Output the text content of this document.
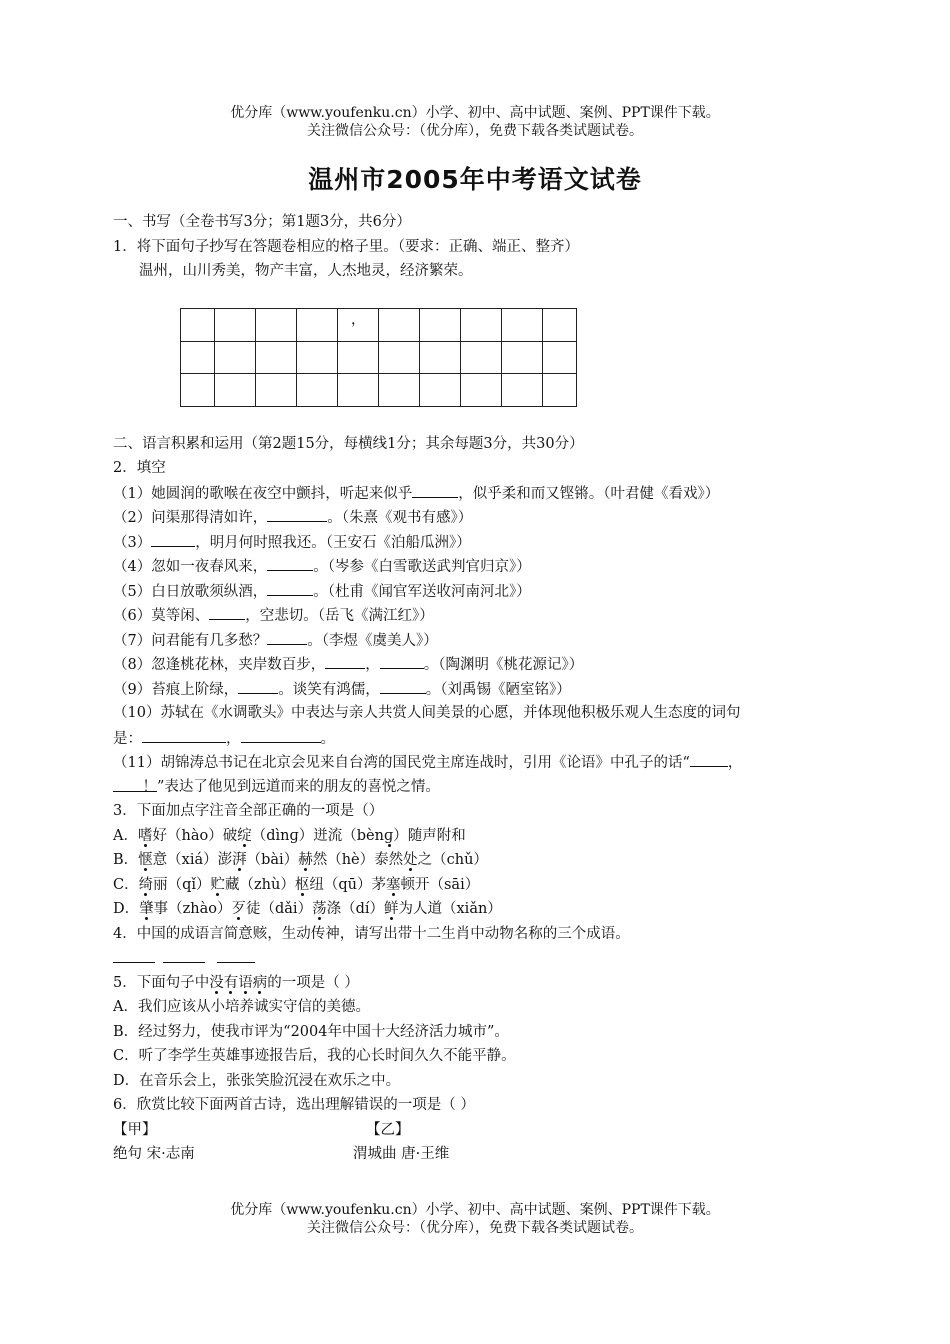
优分库（www.youfenku.cn）小学、初中、高中试题、案例、PPT课件下载。
关注微信公众号：（优分库），免费下载各类试题试卷。
温州市2005年中考语文试卷
				，					

一、书写（全卷书写3分；第1题3分，共6分）
1．将下面句子抄写在答题卷相应的格子里。（要求：正确、端正、整齐）
温州，山川秀美，物产丰富，人杰地灵，经济繁荣。
二、语言积累和运用（第2题15分，每横线1分；其余每题3分，共30分）
2．填空
（1）她圆润的歌喉在夜空中颤抖，听起来似乎	，似乎柔和而又铿锵。（叶君健《看戏》）
（2）问渠那得清如许，	。（朱熹《观书有感》）
（3）	，明月何时照我还。（王安石《泊船瓜洲》）
（4）忽如一夜春风来，	。（岑参《白雪歌送武判官归京》）
（5）白日放歌须纵酒，	。（杜甫《闻官军送收河南河北》）
（6）莫等闲、 ，空悲切。（岳飞《满江红》）
（7）问君能有几多愁？	。（李煜《虞美人》）
（8）忽逢桃花林，夹岸数百步，	，	。（陶渊明《桃花源记》）
（9）苔痕上阶绿，	。谈笑有鸿儒，	。（刘禹锡《陋室铭》）
（10）苏轼在《水调歌头》中表达与亲人共赏人间美景的心愿，并体现他积极乐观人生态度的词句
是：	，	。
（11）胡锦涛总书记在北京会见来自台湾的国民党主席连战时，引用《论语》中孔子的话“	，
！”表达了他见到远道而来的朋友的喜悦之情。
3．下面加点字注音全部正确的一项是（）
A．嗜好（hào）破绽（dìnɡ）迸流（bènɡ）随声附和
B．惬意（xiá）澎湃（bài）赫然（hè）泰然处之（chǔ）
C．绮丽（qǐ）贮藏（zhù）枢纽（qū）茅塞顿开（sāi）
D．肇事（zhào）歹徒（dǎi）荡涤（dí）鲜为人道（xiǎn）
4．中国的成语言简意赅，生动传神，请写出带十二生肖中动物名称的三个成语。
5．下面句子中没有语病的一项是（ ）
A．我们应该从小培养诚实守信的美德。
B．经过努力，使我市评为“2004年中国十大经济活力城市”。
C．听了李学生英雄事迹报告后，我的心长时间久久不能平静。
D．在音乐会上，张张笑脸沉浸在欢乐之中。
6．欣赏比较下面两首古诗，选出理解错误的一项是（ ）
【甲】	【乙】
绝句 宋·志南	渭城曲 唐·王维
优分库（www.youfenku.cn）小学、初中、高中试题、案例、PPT课件下载。
关注微信公众号：（优分库），免费下载各类试题试卷。
